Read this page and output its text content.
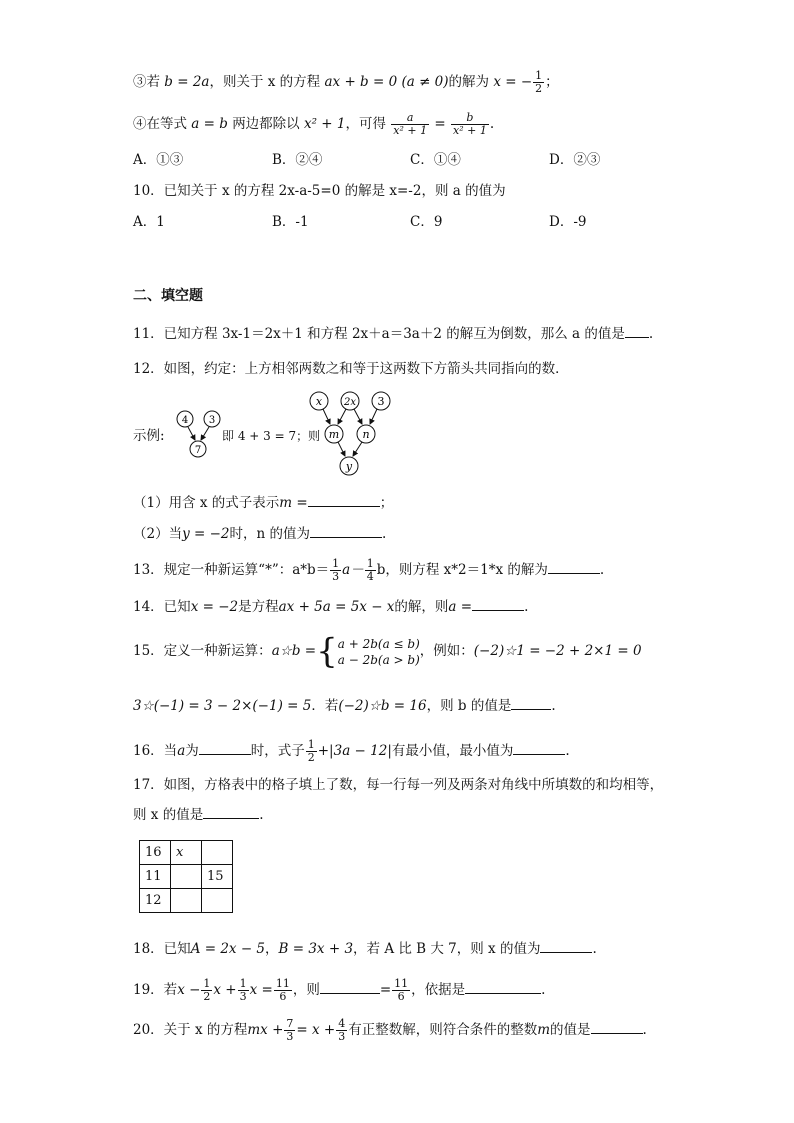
③若 b = 2a，则关于 x 的方程 ax + b = 0 (a ≠ 0)的解为 x = − $\frac{1}{2}$ ；
④在等式 a = b 两边都除以 x² + 1，可得 $\frac{a}{\text{x² + 1}} = \frac{b}{\text{x² + 1}}$ .
A．①③	B．②④	C．①④	D．②③
10．已知关于 x 的方程 2x-a-5=0 的解是 x=-2，则 a 的值为
A．1	B．-1	C．9	D．-9
二、填空题
11．已知方程 3x-1＝2x＋1 和方程 2x＋a＝3a＋2 的解互为倒数，那么 a 的值是 .
12．如图，约定：上方相邻两数之和等于这两数下方箭头共同指向的数．
示例:
4 3
7
即 4 + 3 = 7；则
x 2x 3
m n
y
（1）用含 x 的式子表示m =	；
（2）当y = −2时，n 的值为	.
13．规定一种新运算“*”：$a*b= \frac{1}{3} a- \frac{1}{4}$ b，则方程 x*2＝1*x 的解为	.
14．已知x = −2是方程ax + 5a = 5x − x的解，则a =	.
15．定义一种新运算：a☆b ={ a + 2b(a ≤ b)
a − 2b(a > b)
，例如：(−2)☆1 = −2 + 2×1 = 0
3☆(−1) = 3 − 2×(−1) = 5．若(−2)☆b = 16，则 b 的值是	.
16．当a为	时，式子 $\frac{1}{2} +|3a - 12|$有最小值，最小值为	.
17．如图，方格表中的格子填上了数，每一行每一列及两条对角线中所填数的和均相等，
则 x 的值是	.
16	x	
11		15
12		
18．已知A = 2x − 5，B = 3x + 3，若 A 比 B 大 7，则 x 的值为	.
19．若$x - \frac{1}{2}$ $x + \frac{1}{3}$ $x = \frac{11}{6}$ ，则	= $\frac{11}{6}$ ，依据是	.
20．关于 x 的方程mx + $\frac{7}{3} = x + \frac{4}{3}$ 有正整数解，则符合条件的整数m的值是	.
